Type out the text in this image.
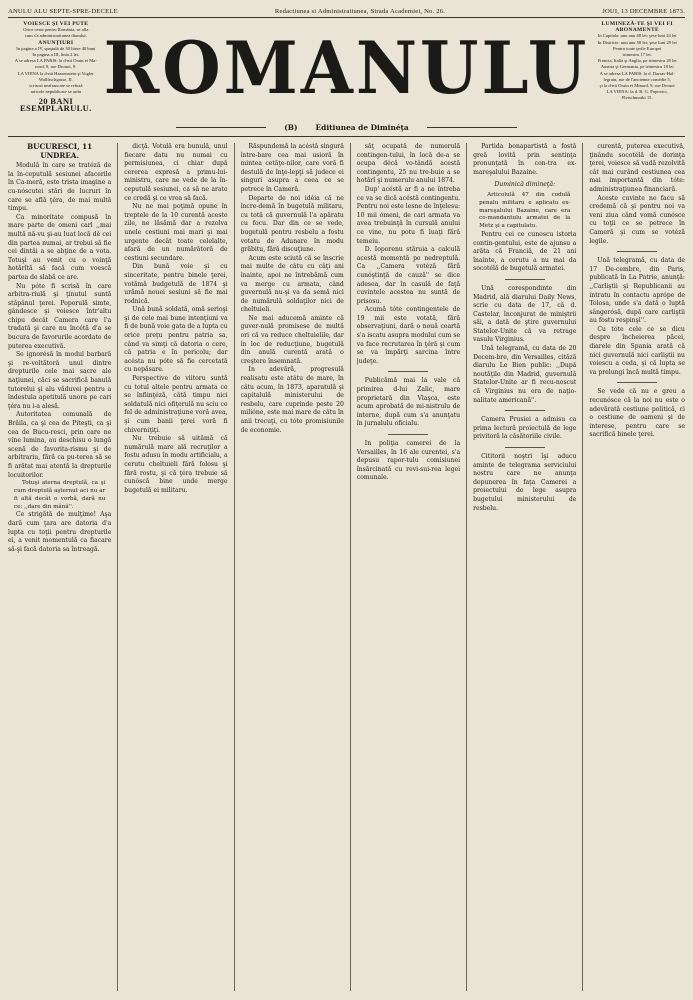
ANULU ALU SEPTE-SPRE-DECELE	Redactiunea si Administratiunea, Strada Academiei, No. 26.	JOUI, 13 DECEMBRE 1873.
VOIESCE ŞI VEI PUTE
Orice cerut pentru România, se afla
cum s'a administratiunea diarului.
ANUNŢIURI
In pagina a IV, spaţiulă de 30 litere 40 bani
In pagina a III, linia 2 lei.
A se adresa LA PARIS: la d-nii Orain et Ma-
nord, 9, rue Drouot, 9.
LA VIENA la d-nii Haasenstein şi Vogler
Wallfischgasse, II.
scrisori neafrancate se refuză
articole nepublicate se ardu
20 BANI ESEMPLARULU. ROMANULU
(B) Editiunea de Diminéţa
LUMINEZĂ-TE ŞI VEI FI
ABONAMENTE
In Capitala: unu anu 48 lei; şese luni 24 lei
In Districte: unu anu 58 lei; şese luni 29 lei
Pentru toate ţerile Europei
trimestru 17 lei.
Francia, Italia şi Anglia, pe trimestru 20 lei
Austria şi Germania, pe trimestru 18 lei
A se adresa LA PARIS: la d. Darras-Hal-
legrain, rue de l'ancienne comédie 5,
şi la d-nii Orain et Minard, 9, rue Drouot
LA VIENA: la d. B. G. Popovici,
Fleischmarkt 15.

BUCURESCI, 11 UNDREA.

Modulă în care se tratéză de la în-ceputulă sesiunei afacerile în Ca-meră, este trista imagine a cu-nóscutei stări de lucruri în care se află ţéra, de mai multă timpu.

Ca minoritate compusă în mare parte de omeni carl ,,mai multă nă-vu şi-au luat locă dĕ cei din partea numai, ar trebui să fie cei dintâi a se abţine de a vota. Totuşi au venit cu o voinţă hotărîtă să facă cum voescă partea de slabă ce are.

Nu póte fi scrisă în care arbitra-riulă şi ţinutul suntă stăpânul ţerei. Poporulă simte, gândesce şi voiesce într'altu chipu decât Camera care l'a tradată şi care nu încétă d'a se bucura de favorurile acordate de puterea executivă.

Se ignorésă în modul barbară şi re-voltătoră unul dintre drepturile cele mai sacre ale naţiunei, căci se sacrifică banulă tutorelui şi alu văduvei pentru a îndestula apetitulă unora pe cari ţéra nu i-a alesă.

Autoritatea comunală de Brăila, ca şi cea de Piteşti, ca şi cea de Bucu-resci, prin care ne vine lumina, au deschisu o lungă scenă de favorita-rismu şi de arbitrariu, fără ca pu-terea să se fi arătat mai atentă la drepturile locuitorilor.

Totuşi aterna dreptulă, ca şi cum dreptulă aşternut aci nu ar fi altă decât o vorbă, dară nu ce: ,,dare din mână''.

Ce strigătă de mulţime! Aşa dară cum ţara are datoria d'a lupta cu toţii pentru drepturile ei, a venit momentulă ca fiacare să-şi facă datoria sa întreagă.

dicţă. Votulă era bunulă, unul fiecare datu nu numai cu permisiunea, ci chiar după cererea expresă a primu-lui-ministru, care ne vede de la în-ceputulă sesiunei, ca să ne arate ce credă şi ce vrea să facă.

Nu ne mai poţimă opune în treptele de la 10 curentă aceste zile, ne lăsămă dar a rezolva unele cestiuni mai mari şi mai urgente decât toate celelalte, afară de un numărătoră de cestiuni secundare.

Din bună voie şi cu sinceritate, pentru binele ţerei, votămă budgetulă de 1874 şi urămă nouei sesiuni să fie mai rodnică.

Ună bună soldată, omă serioşi şi de cele mai bune intenţiuni va fi de bună voie gata de a lupta cu orice preţu pentru patria sa, când va simţi că datoria o cere, că patria e în pericolu; dar acésta nu póte să fie cercetată cu nepăsare.

Perspective de viitoru suntă cu totul altele pentru armata ce se înfiinţéză, câtă timpu nici soldatulă nici ofiţerulă nu sciu ce fel de administraţiune voră avea, şi cum banii ţerei voră fi chiverniţiţi.

Nu trebuie să uitămă că numărulă mare ală recruţilor a fostu adusu în modu artificialu, a cerutu cheltuieli fără folosu şi fără rostu, şi că ţéra trebuie să cunóscă bine unde merge bugetulă ei militaru.

Răspundemă la acéstă singură între-bare cea mai usioră în mintea cetăţe-nilor, care voră fi destulă de înţe-lepţi să judece ei singuri asupra a ceea ce se petrece în Cameră.

Departe de noi idéia că ne încre-demă în bugetulă militaru, cu totă că guvernulă l'a apăratu cu focu. Dar din ce se vede, bugetulă pentru resbelu a fostu votatu de Adunare în modu grăbitu, fără discuţiune.

Acum este sciută că se înscrie mai multe de câtu cu câţi ani înainte, apoi ne întrebămă cum va merge cu armata, când guvernulă nu-şi va da semă nici de numărulă soldaţilor nici de cheltuieli.

Ne mai aducemă aminte că guver-nulă promisese de multă ori că va reduce cheltuielile, dar în loc de reducţiune, bugetulă din anulă curentă arată o creştere însemnată.

In adevără, progresulă realisatu este atâtu de mare, în câtu acum, în 1873, aparatulă şi capitalulă ministerului de resbelu, care cuprinde peste 20 milióne, este mai mare de câtu în anii trecuţi, cu tóte promisiunile de economie.

săţ ocupată de numerulă contingen-tului, în locă de-a se ocupa décă vo-tândă acestă contingentu, 25 nu tre-buie a se hotărî şi numerulu anului 1874.

Dup' acéstă ar fi a ne întreba ce va se dică acéstă contingentu. Pentru noi este lesne de înţelesu: 10 mii ómeni, de cari armata va avea trebuinţă în cursulă anului ce vine, nu potu fi luaţi fără temeiu.

D. Ioporenu stăruia a calculă acestă momentă pe nedreptulă. Ca ,,Camera votéză fără cunóştinţă de cauză'' se dice adesea, dar în casulă de faţă cuvintele acestea nu suntă de prisosu.

Acumă tóte contingentele de 19 mii este votată, fără observaţiuni, dară o nouă ceartă s'a iscatu asupra modului cum se va face recrutarea în ţéră şi cum se va împărţi sarcina între judeţe.

Publicămă mai la vale că primirea d-lui Zalic, mare proprietară din Vlaşca, este acum aprobată de mi-nistrulu de interne, după cum s'a anunţatu în jurnalulu oficialu.

In poliţia camerei de la Versailles, în 16 ale curentei, s'a depusu rapor-tulu comisiunei însărcinată cu revi-sui-rea legei comunale.

Partida bonapartistă a fostă greă lovită prin sentinţa pronunţată în con-tra ex-mareşalului Bazaine.

Duminică dimineţă:

Articolulă 47 din codulă penalu militaru e aplicatu ex-mareşalului Bazaine, care era co-mandantulu armatei de la Metz şi a capitulatu.

Pentru cei ce cunoscu istoria contin-gentului, este de ajunsu a arăta că Franciă, de 21 ani înainte, a cerutu a nu mai da socotélă de bugetulă armatei.

Ună corespondinte din Madrid, ală diarului Daily News, scrie cu data de 17, că d. Castelar, înconjurat de miniştrii săi, a dată de ştire guvernului Statelor-Unite că va retrage vasulu Virginius.

Ună telegramă, cu data de 20 Decem-bre, din Versailles, cităză diarulu Le Bien public: ,,După noutăţile din Madrid, guvernulă Statelor-Unite ar fi recu-noscut că Virginius nu era de naţio-nalitate americană''.

Camera Prusiei a admisu ca prima lectură proiectulă de lege privitoră la căsătoriile civile.

Cititorii noştri îşi aducu aminte de telegrama serviciului nostru care ne anunţa depunerea în faţa Camerei a proiectului de lege asupra bugetului ministerului de resbelu.

curentă, puterea executivă, ţinându socotélă de dorinţa ţerei, voiesce să vadă rezolvită cât mai curând cestiunea cea mai importantă din tóte: administraţiunea financiară.

Aceste cuvinte ne facu să credemă că şi pentru noi va veni ziua când vomă cunósce cu toţii ce se petrece în Cameră şi cum se votéză legile.

Ună telegramă, cu data de 17 De-cembre, din Paris, publicată în La Patrie, anunţă: ,,Carliştii şi Republicanii au intratu în contactu aprópe de Tolosa, unde s'a dată o luptă sângerósă, după care carliştii au fostu respinşi''.

Cu tóte cele ce se dicu despre încheierea păcei, diarele din Spania arată că nici guvernulă nici carliştii nu voiescu a ceda, şi că lupta se va prelungi încă multă timpu.

Se vede că nu e greu a recunósce că la noi nu este o adevărată cestiune politică, ci o cestiune de oameni şi de interese, pentru care se sacrifică binele ţerei.
